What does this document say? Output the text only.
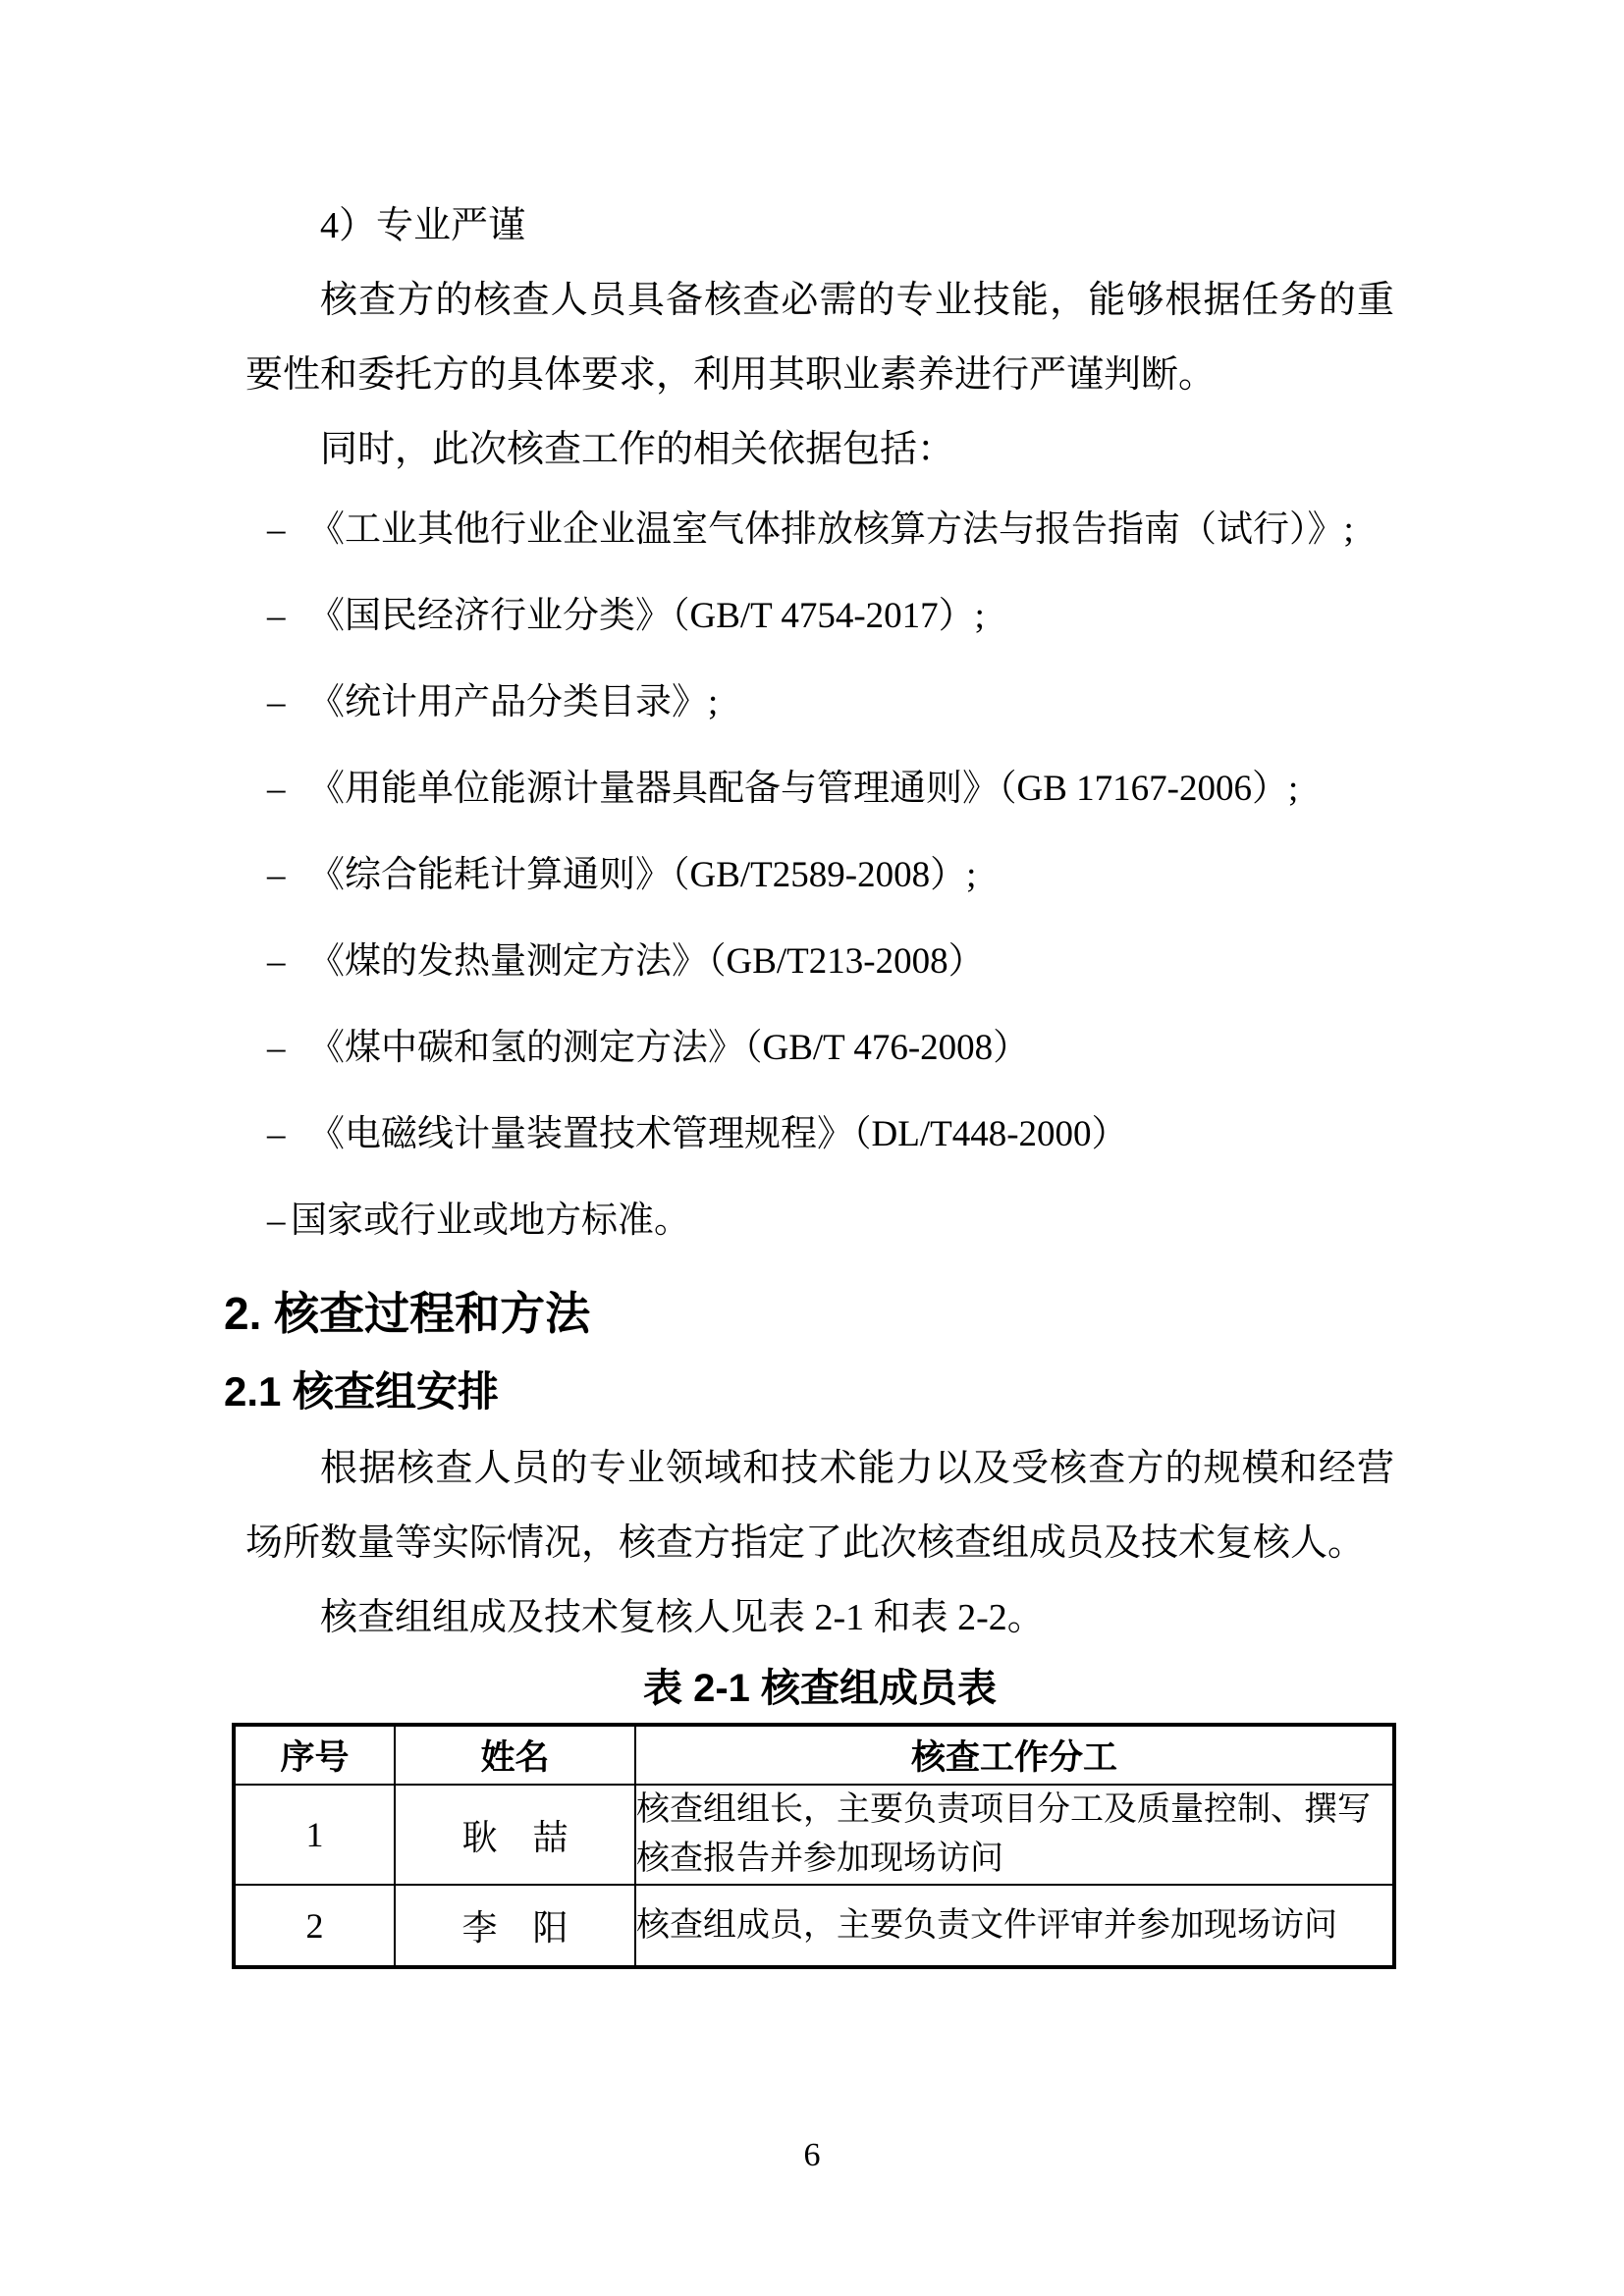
4）专业严谨

核查方的核查人员具备核查必需的专业技能，能够根据任务的重要性和委托方的具体要求，利用其职业素养进行严谨判断。

同时，此次核查工作的相关依据包括：

– 《工业其他行业企业温室气体排放核算方法与报告指南（试行）》;
– 《国民经济行业分类》（GB/T 4754-2017）;
– 《统计用产品分类目录》;
– 《用能单位能源计量器具配备与管理通则》（GB 17167-2006）;
– 《综合能耗计算通则》（GB/T2589-2008）;
– 《煤的发热量测定方法》（GB/T213-2008）
– 《煤中碳和氢的测定方法》（GB/T 476-2008）
– 《电磁线计量装置技术管理规程》（DL/T448-2000）
– 国家或行业或地方标准。
2. 核查过程和方法
2.1 核查组安排

根据核查人员的专业领域和技术能力以及受核查方的规模和经营场所数量等实际情况，核查方指定了此次核查组成员及技术复核人。

核查组组成及技术复核人见表 2-1 和表 2-2。

表 2-1 核查组成员表
序号	姓名	核查工作分工
1	耿　喆	核查组组长，主要负责项目分工及质量控制、撰写核查报告并参加现场访问
2	李　阳	核查组成员，主要负责文件评审并参加现场访问
6
